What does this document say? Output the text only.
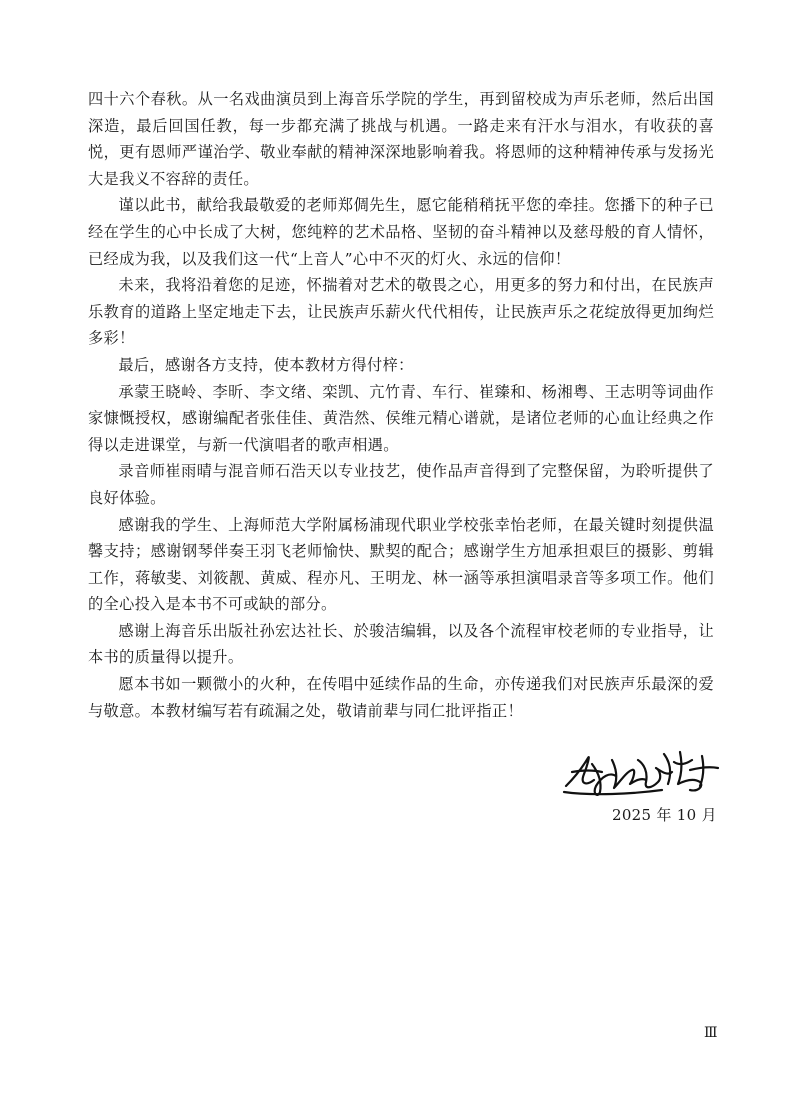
四十六个春秋。从一名戏曲演员到上海音乐学院的学生，再到留校成为声乐老师，然后出国深造，最后回国任教，每一步都充满了挑战与机遇。一路走来有汗水与泪水，有收获的喜悦，更有恩师严谨治学、敬业奉献的精神深深地影响着我。将恩师的这种精神传承与发扬光大是我义不容辞的责任。

谨以此书，献给我最敬爱的老师郑倜先生，愿它能稍稍抚平您的牵挂。您播下的种子已经在学生的心中长成了大树，您纯粹的艺术品格、坚韧的奋斗精神以及慈母般的育人情怀，已经成为我，以及我们这一代“上音人”心中不灭的灯火、永远的信仰！

未来，我将沿着您的足迹，怀揣着对艺术的敬畏之心，用更多的努力和付出，在民族声乐教育的道路上坚定地走下去，让民族声乐薪火代代相传，让民族声乐之花绽放得更加绚烂多彩！

最后，感谢各方支持，使本教材方得付梓：

承蒙王晓岭、李昕、李文绪、栾凯、亢竹青、车行、崔臻和、杨湘粤、王志明等词曲作家慷慨授权，感谢编配者张佳佳、黄浩然、侯维元精心谱就，是诸位老师的心血让经典之作得以走进课堂，与新一代演唱者的歌声相遇。

录音师崔雨晴与混音师石浩天以专业技艺，使作品声音得到了完整保留，为聆听提供了良好体验。

感谢我的学生、上海师范大学附属杨浦现代职业学校张幸怡老师，在最关键时刻提供温馨支持；感谢钢琴伴奏王羽飞老师愉快、默契的配合；感谢学生方旭承担艰巨的摄影、剪辑工作，蒋敏斐、刘筱靓、黄威、程亦凡、王明龙、林一涵等承担演唱录音等多项工作。他们的全心投入是本书不可或缺的部分。

感谢上海音乐出版社孙宏达社长、於骏洁编辑，以及各个流程审校老师的专业指导，让本书的质量得以提升。

愿本书如一颗微小的火种，在传唱中延续作品的生命，亦传递我们对民族声乐最深的爱与敬意。本教材编写若有疏漏之处，敬请前辈与同仁批评指正！

2025 年 10 月
Ⅲ
